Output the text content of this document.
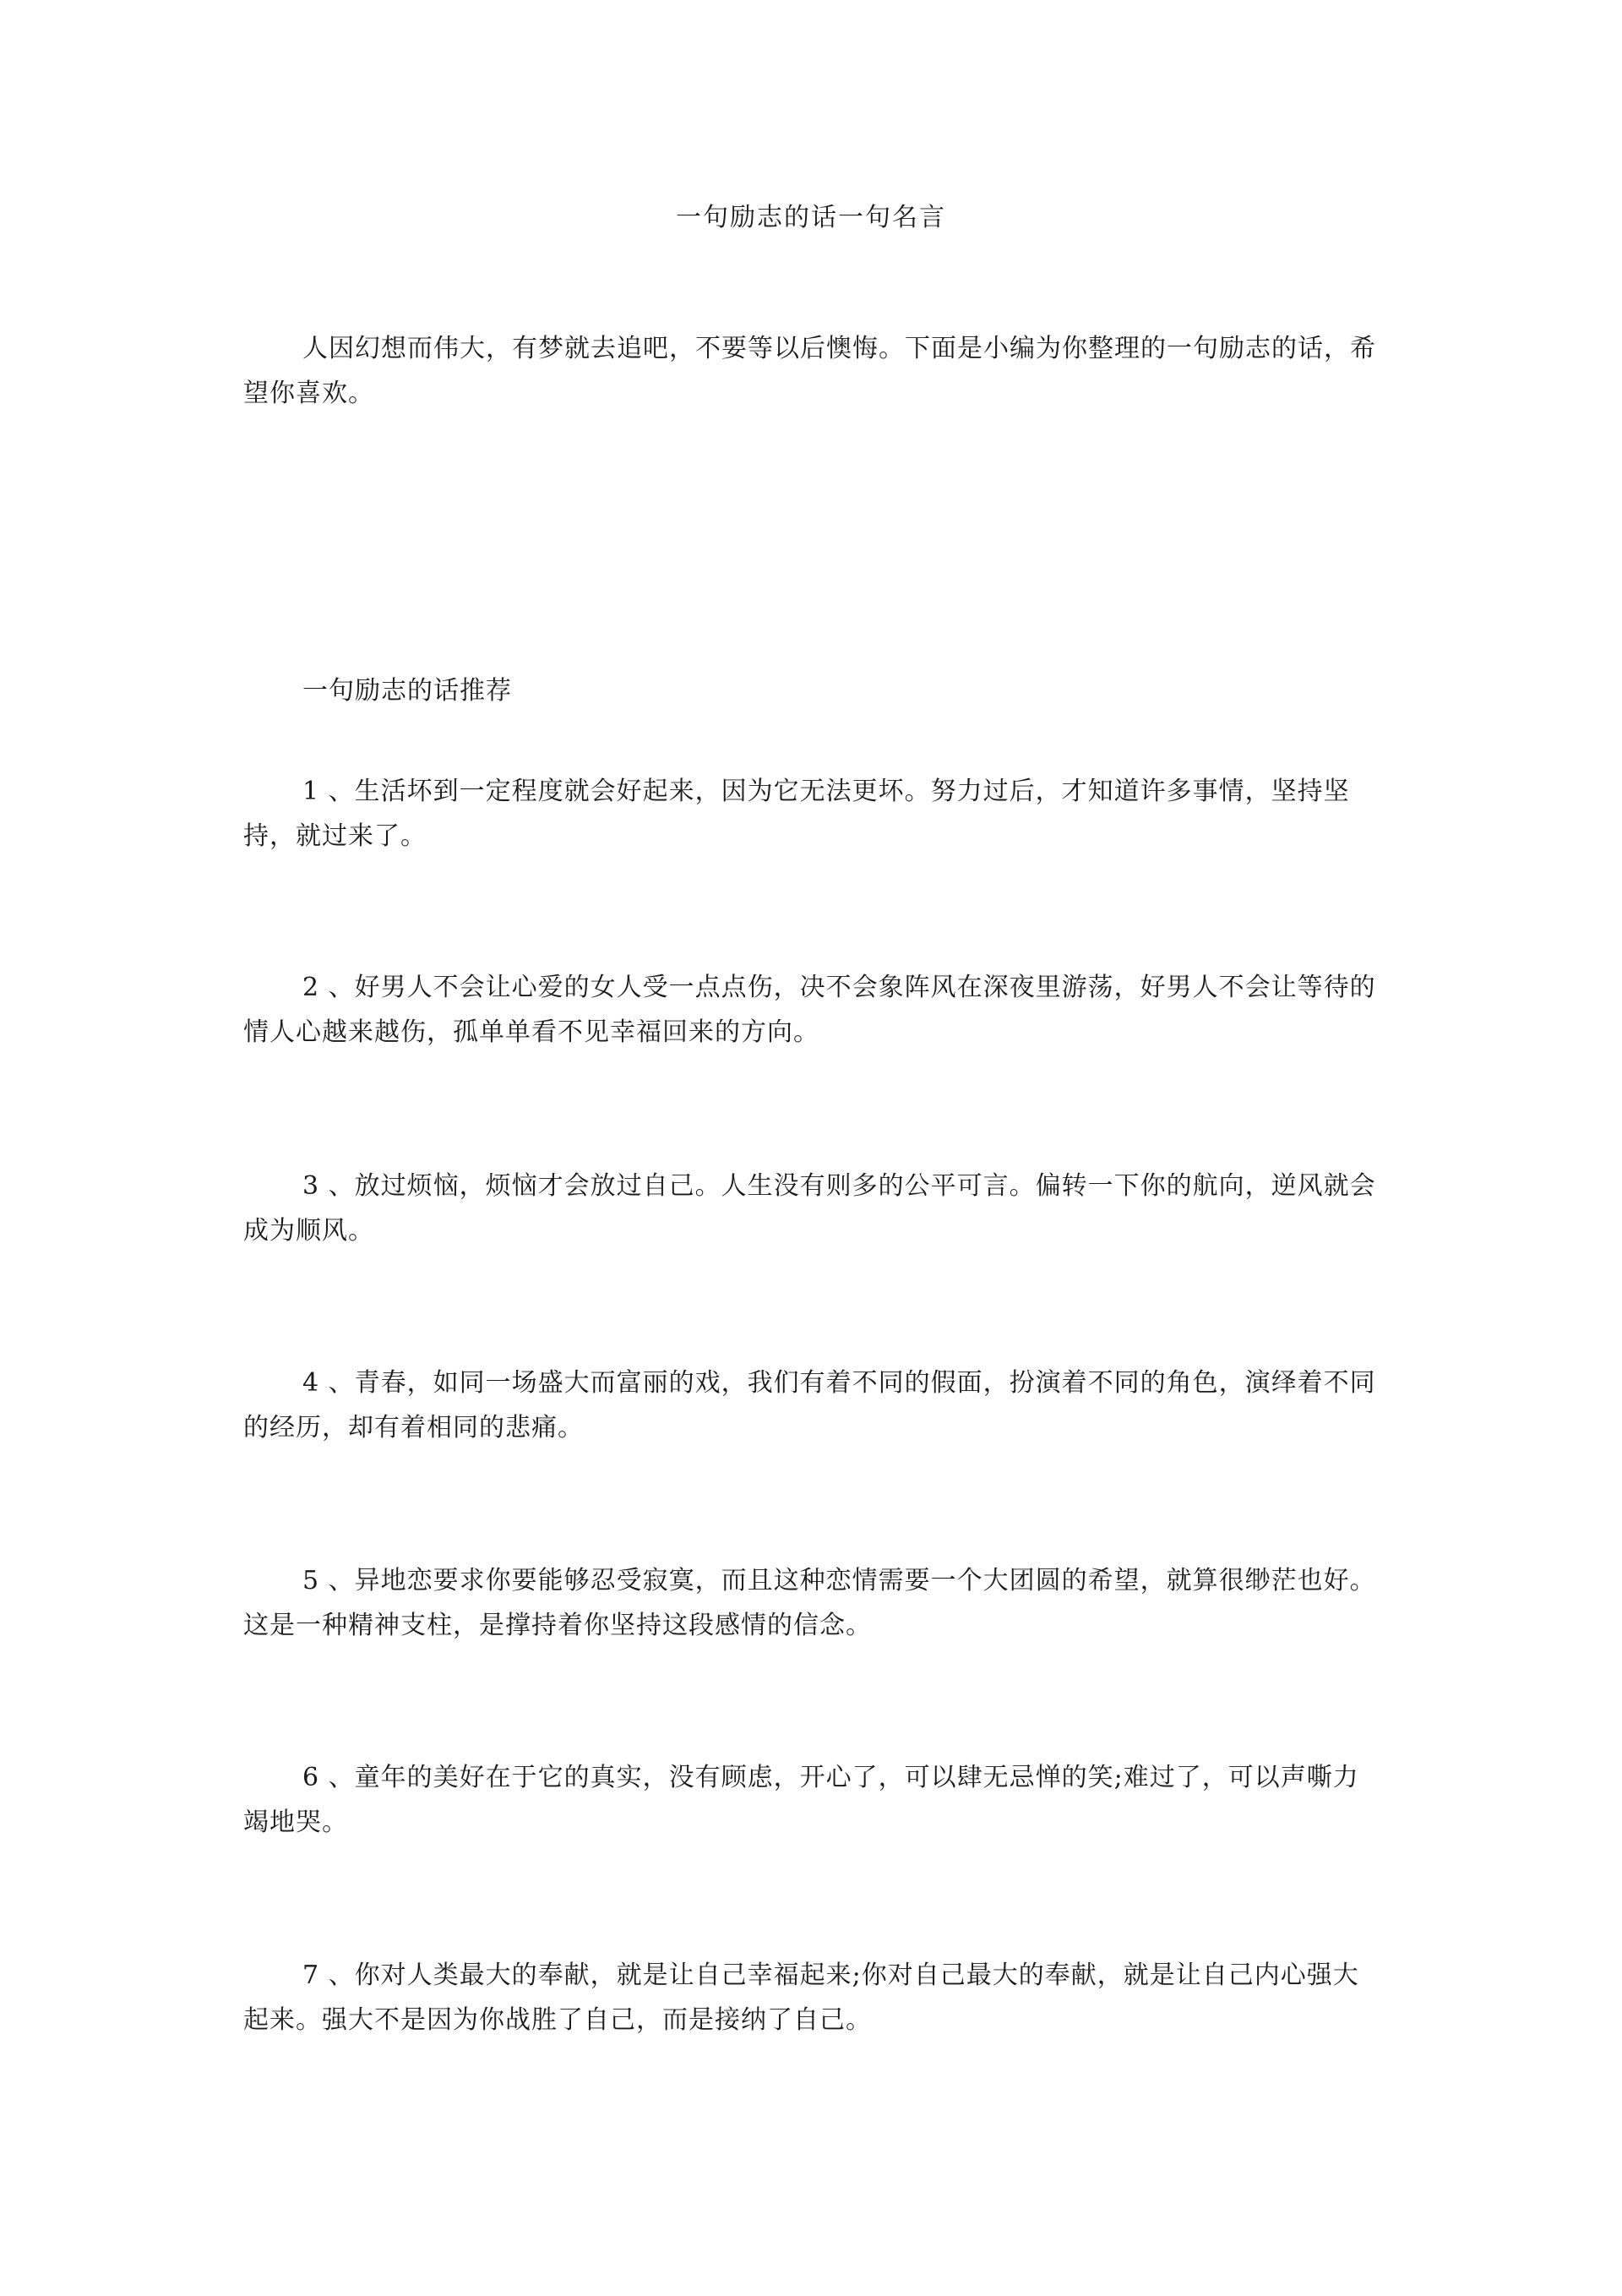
一句励志的话一句名言

人因幻想而伟大，有梦就去追吧，不要等以后懊悔。下面是小编为你整理的一句励志的话，希望你喜欢。

一句励志的话推荐

1 、生活坏到一定程度就会好起来，因为它无法更坏。努力过后，才知道许多事情，坚持坚持，就过来了。

2 、好男人不会让心爱的女人受一点点伤，决不会象阵风在深夜里游荡，好男人不会让等待的情人心越来越伤，孤单单看不见幸福回来的方向。

3 、放过烦恼，烦恼才会放过自己。人生没有则多的公平可言。偏转一下你的航向，逆风就会成为顺风。

4 、青春，如同一场盛大而富丽的戏，我们有着不同的假面，扮演着不同的角色，演绎着不同的经历，却有着相同的悲痛。

5 、异地恋要求你要能够忍受寂寞，而且这种恋情需要一个大团圆的希望，就算很缈茫也好。这是一种精神支柱，是撑持着你坚持这段感情的信念。

6 、童年的美好在于它的真实，没有顾虑，开心了，可以肆无忌惮的笑;难过了，可以声嘶力竭地哭。

7 、你对人类最大的奉献，就是让自己幸福起来;你对自己最大的奉献，就是让自己内心强大起来。强大不是因为你战胜了自己，而是接纳了自己。
